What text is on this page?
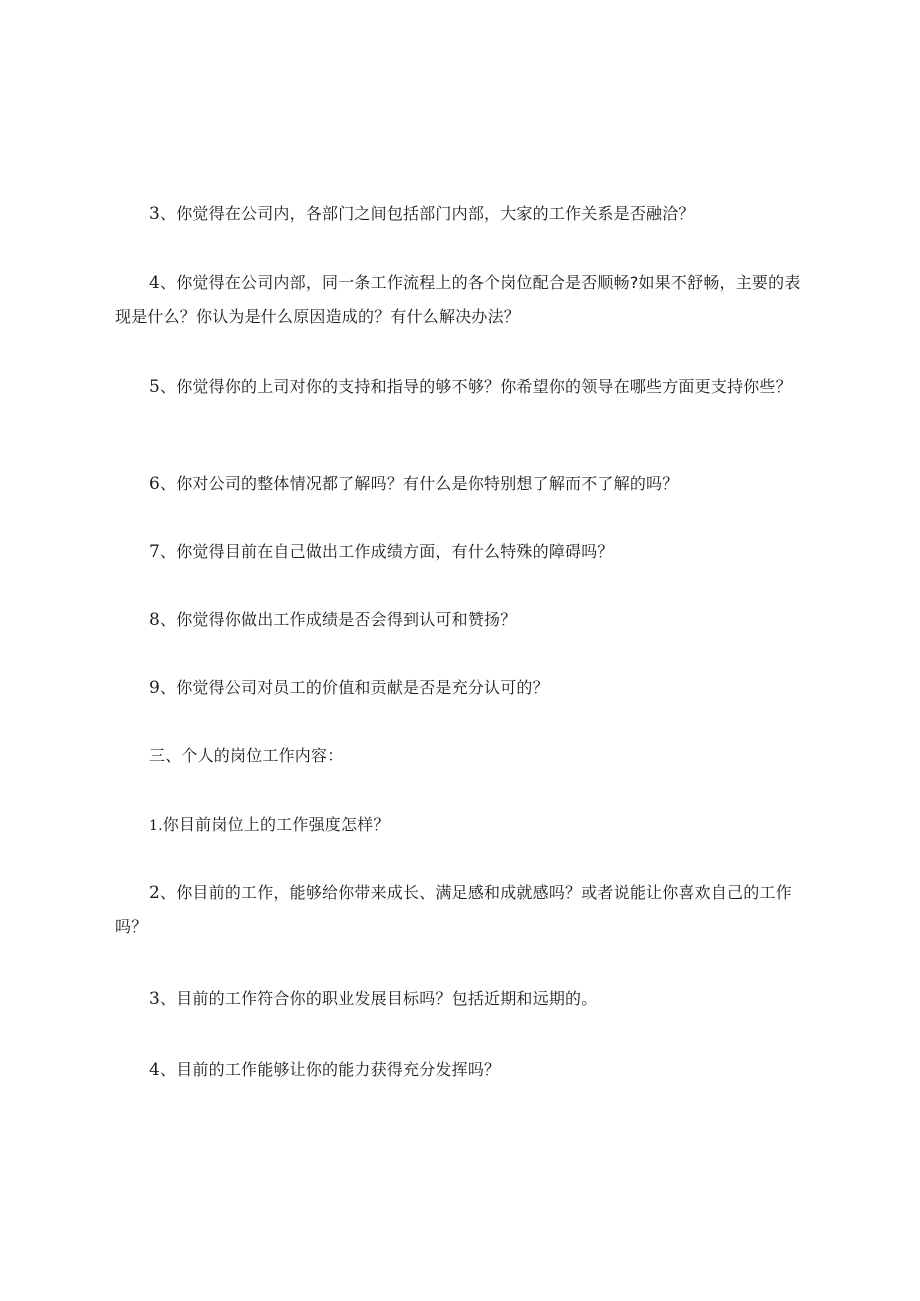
3、你觉得在公司内，各部门之间包括部门内部，大家的工作关系是否融洽？

4、你觉得在公司内部，同一条工作流程上的各个岗位配合是否顺畅?如果不舒畅，主要的表现是什么？你认为是什么原因造成的？有什么解决办法？

5、你觉得你的上司对你的支持和指导的够不够？你希望你的领导在哪些方面更支持你些？

6、你对公司的整体情况都了解吗？有什么是你特别想了解而不了解的吗？

7、你觉得目前在自己做出工作成绩方面，有什么特殊的障碍吗？

8、你觉得你做出工作成绩是否会得到认可和赞扬？

9、你觉得公司对员工的价值和贡献是否是充分认可的？

三、个人的岗位工作内容：

1.你目前岗位上的工作强度怎样？

2、你目前的工作，能够给你带来成长、满足感和成就感吗？或者说能让你喜欢自己的工作吗？

3、目前的工作符合你的职业发展目标吗？包括近期和远期的。

4、目前的工作能够让你的能力获得充分发挥吗？
